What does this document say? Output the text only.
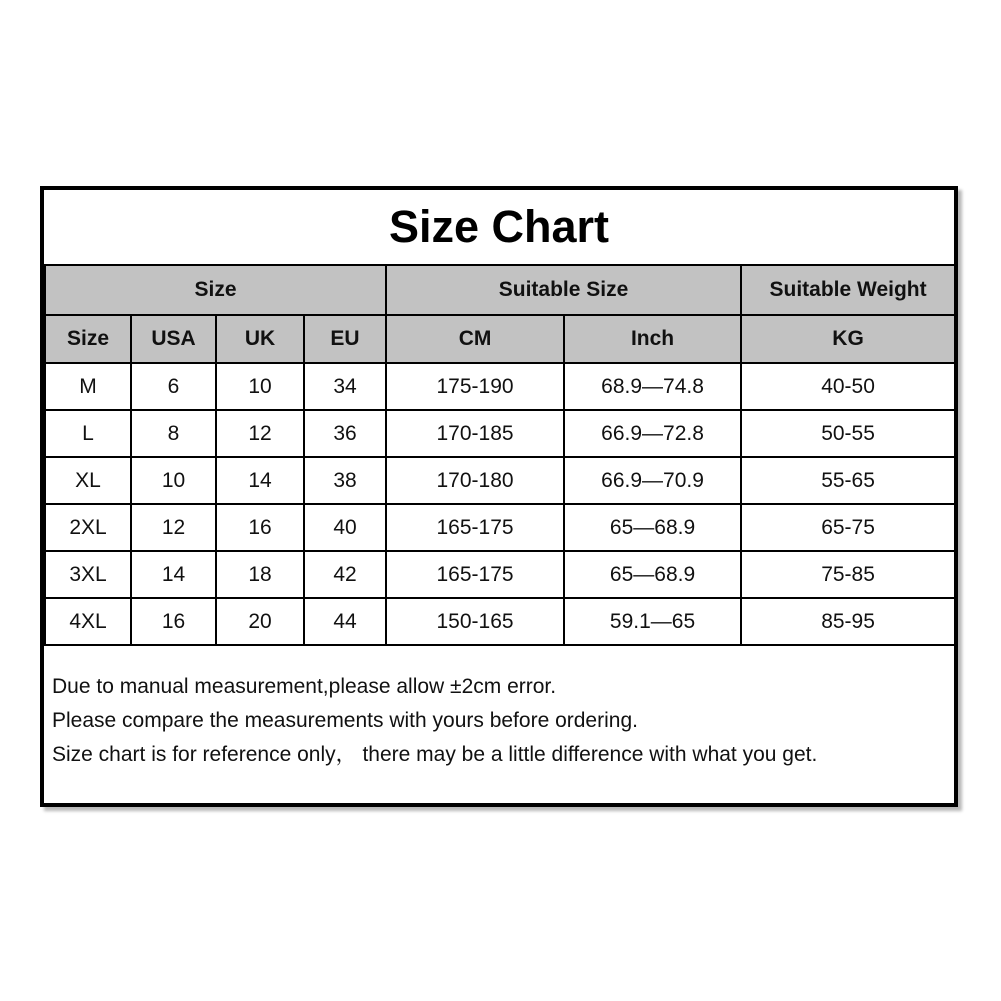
Size Chart
Size				Suitable Size		Suitable Weight
Size	USA	UK	EU	CM	Inch	KG
M	6	10	34	175-190	68.9—74.8	40-50
L	8	12	36	170-185	66.9—72.8	50-55
XL	10	14	38	170-180	66.9—70.9	55-65
2XL	12	16	40	165-175	65—68.9	65-75
3XL	14	18	42	165-175	65—68.9	75-85
4XL	16	20	44	150-165	59.1—65	85-95
Due to manual measurement,please allow ±2cm error.
Please compare the measurements with yours before ordering.
Size chart is for reference only， there may be a little difference with what you get.
